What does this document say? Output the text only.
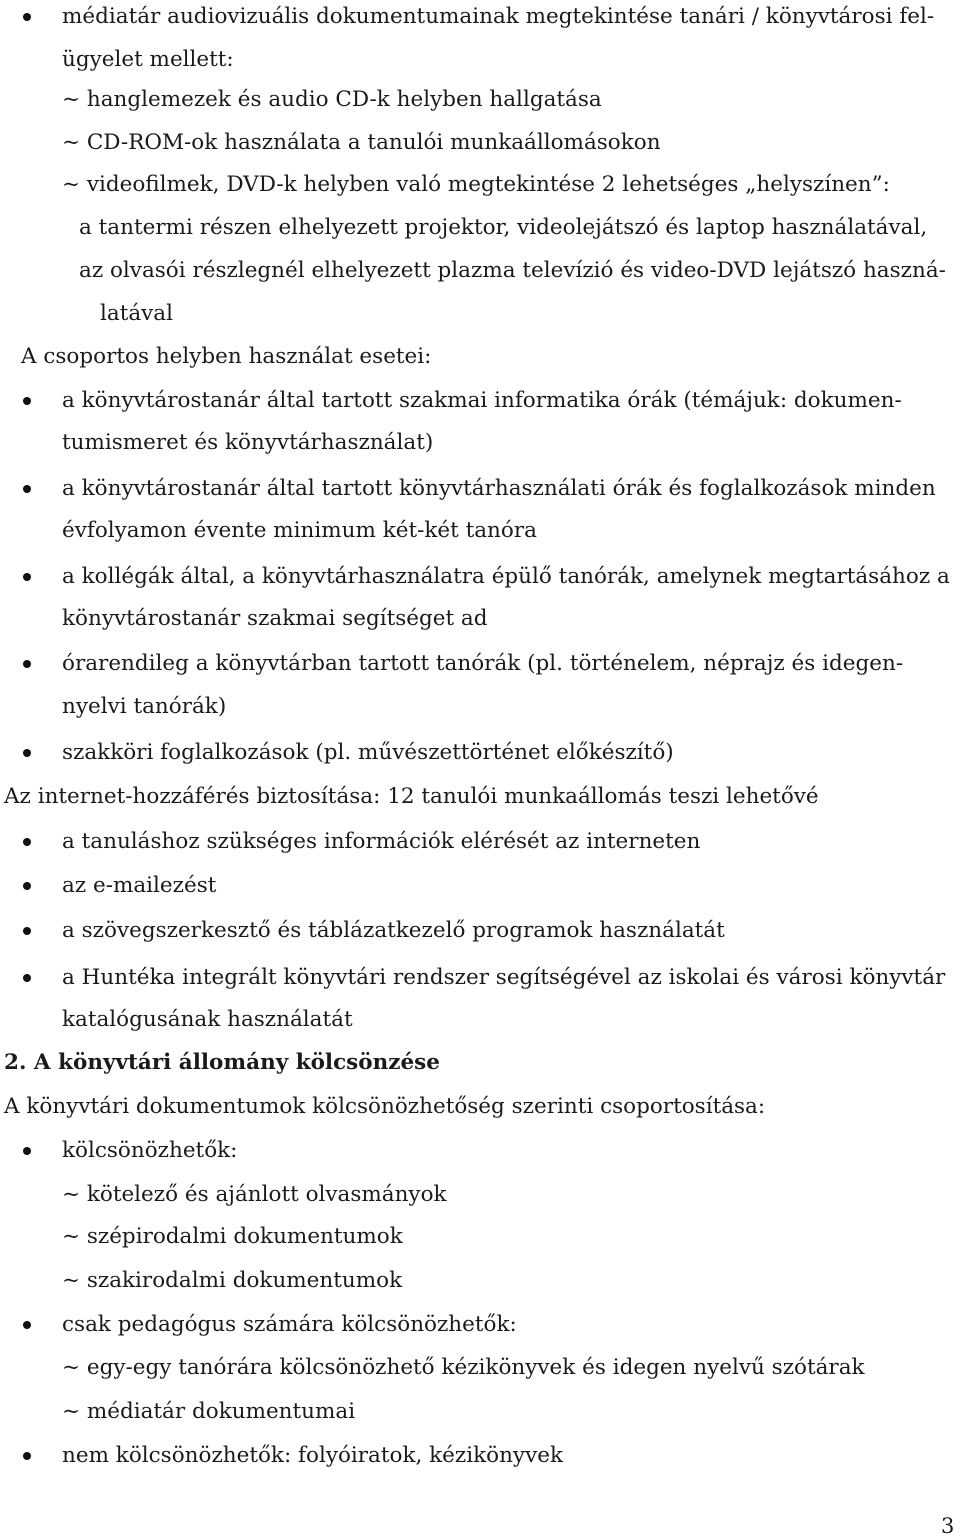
médiatár audiovizuális dokumentumainak megtekintése tanári / könyvtárosi fel-
ügyelet mellett:
~ hanglemezek és audio CD-k helyben hallgatása
~ CD-ROM-ok használata a tanulói munkaállomásokon
~ videofilmek, DVD-k helyben való megtekintése 2 lehetséges „helyszínen”:
a tantermi részen elhelyezett projektor, videolejátszó és laptop használatával,
az olvasói részlegnél elhelyezett plazma televízió és video-DVD lejátszó haszná-
latával
A csoportos helyben használat esetei:
a könyvtárostanár által tartott szakmai informatika órák (témájuk: dokumen-
tumismeret és könyvtárhasználat)
a könyvtárostanár által tartott könyvtárhasználati órák és foglalkozások minden
évfolyamon évente minimum két-két tanóra
a kollégák által, a könyvtárhasználatra épülő tanórák, amelynek megtartásához a
könyvtárostanár szakmai segítséget ad
órarendileg a könyvtárban tartott tanórák (pl. történelem, néprajz és idegen-
nyelvi tanórák)
szakköri foglalkozások (pl. művészettörténet előkészítő)
Az internet-hozzáférés biztosítása: 12 tanulói munkaállomás teszi lehetővé
a tanuláshoz szükséges információk elérését az interneten
az e-mailezést
a szövegszerkesztő és táblázatkezelő programok használatát
a Huntéka integrált könyvtári rendszer segítségével az iskolai és városi könyvtár
katalógusának használatát
2. A könyvtári állomány kölcsönzése
A könyvtári dokumentumok kölcsönözhetőség szerinti csoportosítása:
kölcsönözhetők:
~ kötelező és ajánlott olvasmányok
~ szépirodalmi dokumentumok
~ szakirodalmi dokumentumok
csak pedagógus számára kölcsönözhetők:
~ egy-egy tanórára kölcsönözhető kézikönyvek és idegen nyelvű szótárak
~ médiatár dokumentumai
nem kölcsönözhetők: folyóiratok, kézikönyvek
3
